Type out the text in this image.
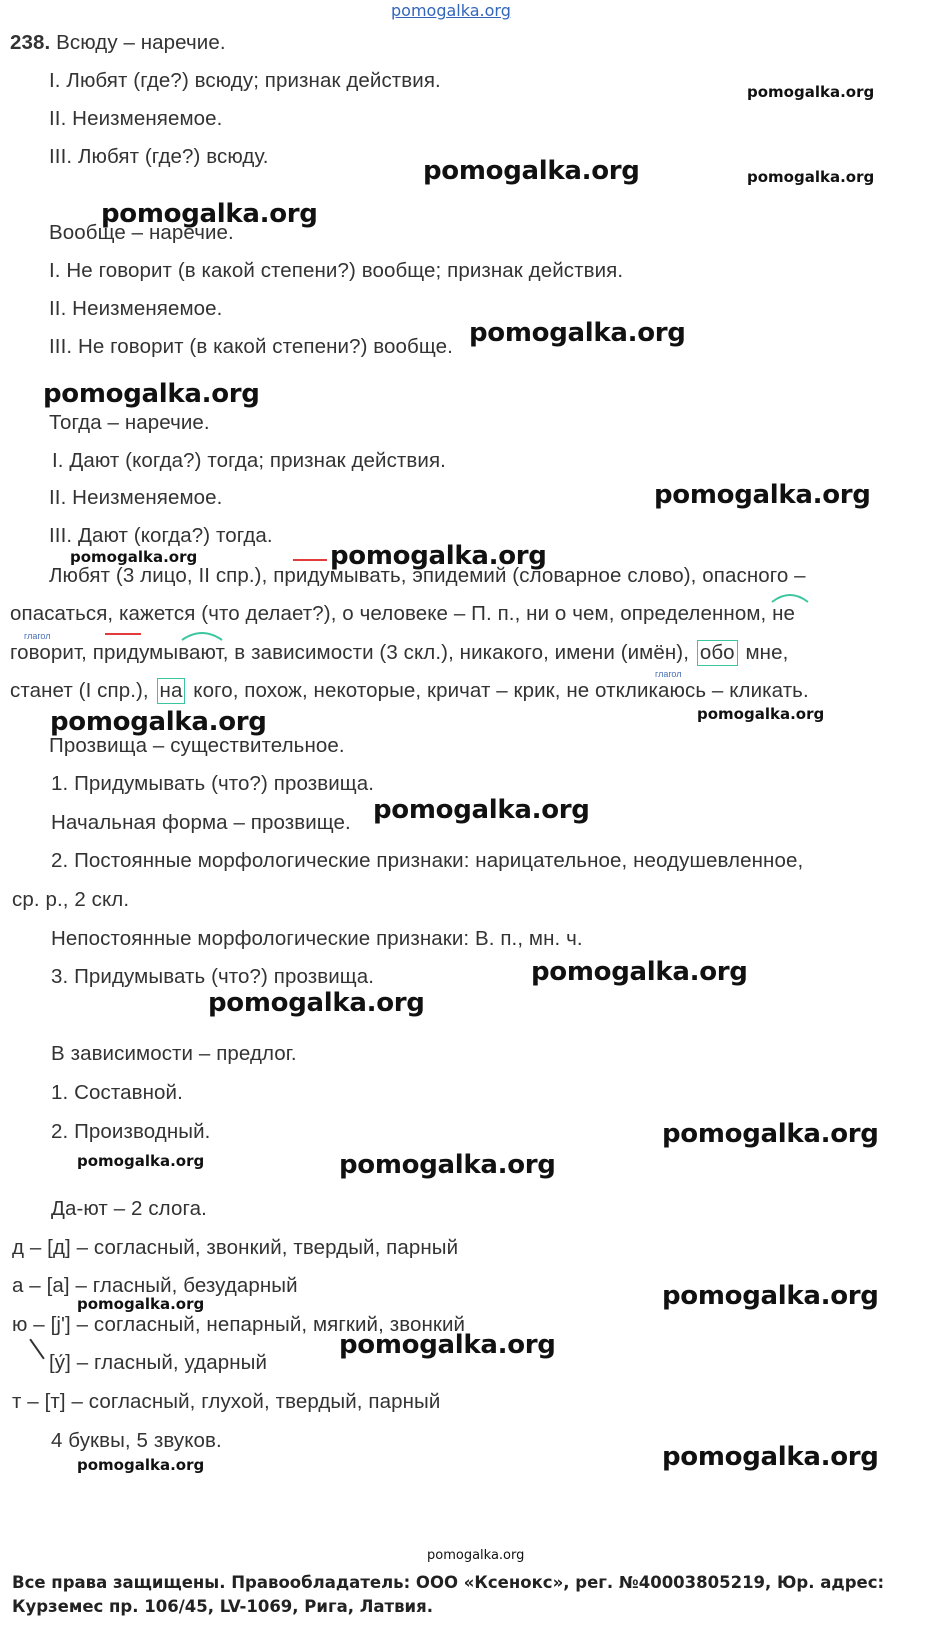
pomogalka.org
238. Всюду – наречие.
I. Любят (где?) всюду; признак действия.
II. Неизменяемое.
III. Любят (где?) всюду.
Вообще – наречие.
I. Не говорит (в какой степени?) вообще; признак действия.
II. Неизменяемое.
III. Не говорит (в какой степени?) вообще.
Тогда – наречие.
I. Дают (когда?) тогда; признак действия.
II. Неизменяемое.
III. Дают (когда?) тогда.
Любят (3 лицо, II спр.), придумывать, эпидемий (словарное слово), опасного –
опасаться, кажется (что делает?), о человеке – П. п., ни о чем, определенном, не
говорит, придумывают, в зависимости (3 скл.), никакого, имени (имён), обо мне,
станет (I спр.), на кого, похож, некоторые, кричат – крик, не откликаюсь – кликать.
глагол
глагол
Прозвища – существительное.
1. Придумывать (что?) прозвища.
Начальная форма – прозвище.
2. Постоянные морфологические признаки: нарицательное, неодушевленное,
ср. р., 2 скл.
Непостоянные морфологические признаки: В. п., мн. ч.
3. Придумывать (что?) прозвища.
В зависимости – предлог.
1. Составной.
2. Производный.
Да-ют – 2 слога.
д – [д] – согласный, звонкий, твердый, парный
а – [а] – гласный, безударный
ю – [j'] – согласный, непарный, мягкий, звонкий
[у́] – гласный, ударный
т – [т] – согласный, глухой, твердый, парный
4 буквы, 5 звуков.
pomogalka.org
pomogalka.org
pomogalka.org
pomogalka.org
pomogalka.org
pomogalka.org
pomogalka.org
pomogalka.org
pomogalka.org
pomogalka.org
pomogalka.org
pomogalka.org
pomogalka.org
pomogalka.org
pomogalka.org
pomogalka.org
pomogalka.org
pomogalka.org
pomogalka.org
pomogalka.org
pomogalka.org
pomogalka.org
pomogalka.org
Все права защищены. Правообладатель: ООО «Ксенокс», рег. №40003805219, Юр. адрес: Курземес пр. 106/45, LV-1069, Рига, Латвия.
